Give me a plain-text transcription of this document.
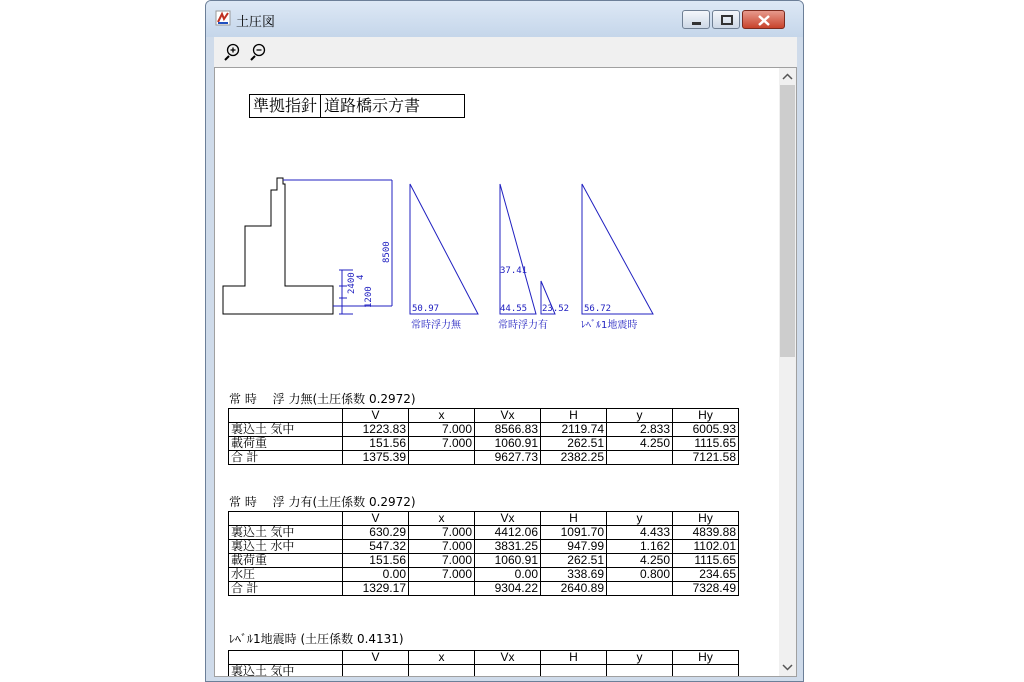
土圧図
準拠指針 道路橋示方書
8500
2400
1200
4
50.97
常時浮力無
37.41
44.55 23.52
常時浮力有
56.72
ﾚﾍﾞﾙ1地震時
常 時　 浮 力無(土圧係数 0.2972)
	V	x	Vx	H	y	Hy
裏込土 気中	1223.83	7.000	8566.83	2119.74	2.833	6005.93
載荷重	151.56	7.000	1060.91	262.51	4.250	1115.65
合 計	1375.39		9627.73	2382.25		7121.58
常 時　 浮 力有(土圧係数 0.2972)
	V	x	Vx	H	y	Hy
裏込土 気中	630.29	7.000	4412.06	1091.70	4.433	4839.88
裏込土 水中	547.32	7.000	3831.25	947.99	1.162	1102.01
載荷重	151.56	7.000	1060.91	262.51	4.250	1115.65
水圧	0.00	7.000	0.00	338.69	0.800	234.65
合 計	1329.17		9304.22	2640.89		7328.49
ﾚﾍﾞﾙ1地震時 (土圧係数 0.4131)
	V	x	Vx	H	y	Hy
裏込土 気中						
